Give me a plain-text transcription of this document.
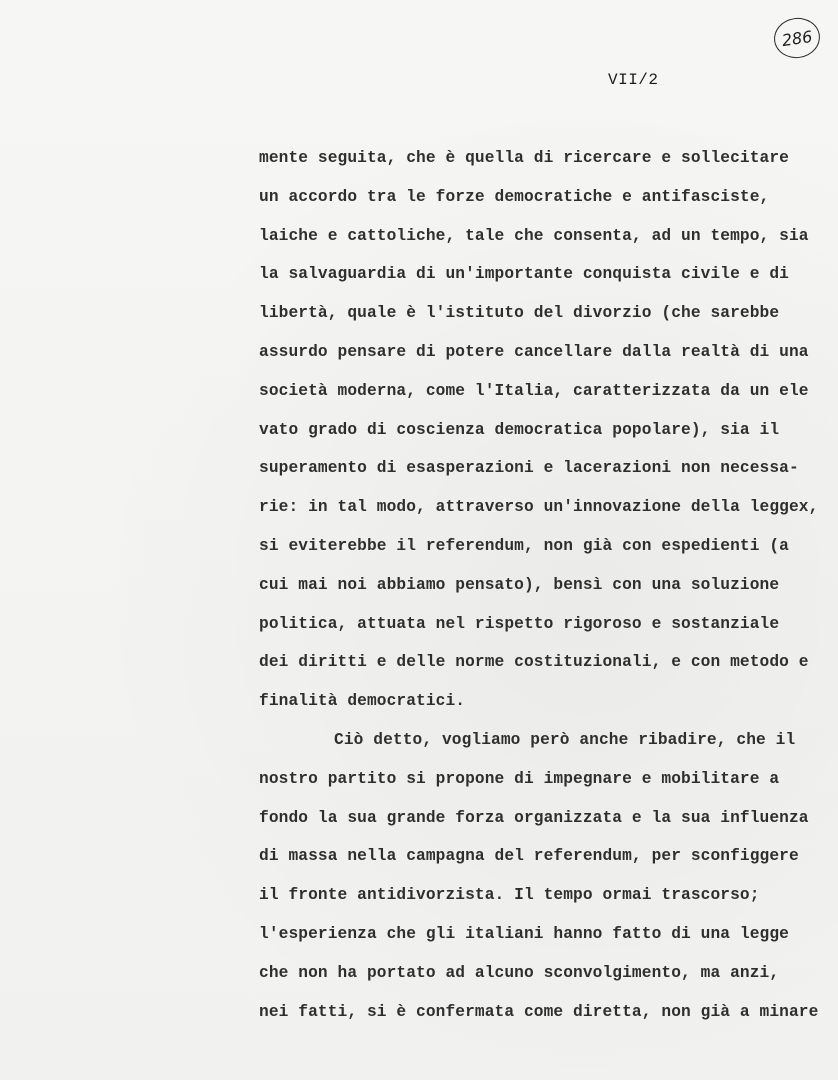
286
VII/2
mente seguita, che è quella di ricercare e sollecitare
un accordo tra le forze democratiche e antifasciste,
laiche e cattoliche, tale che consenta, ad un tempo, sia
la salvaguardia di un'importante conquista civile e di
libertà, quale è l'istituto del divorzio (che sarebbe
assurdo pensare di potere cancellare dalla realtà di una
società moderna, come l'Italia, caratterizzata da un ele
vato grado di coscienza democratica popolare), sia il
superamento di esasperazioni e lacerazioni non necessa-
rie: in tal modo, attraverso un'innovazione della leggex,
si eviterebbe il referendum, non già con espedienti (a
cui mai noi abbiamo pensato), bensì con una soluzione
politica, attuata nel rispetto rigoroso e sostanziale
dei diritti e delle norme costituzionali, e con metodo e
finalità democratici.
Ciò detto, vogliamo però anche ribadire, che il
nostro partito si propone di impegnare e mobilitare a
fondo la sua grande forza organizzata e la sua influenza
di massa nella campagna del referendum, per sconfiggere
il fronte antidivorzista. Il tempo ormai trascorso;
l'esperienza che gli italiani hanno fatto di una legge
che non ha portato ad alcuno sconvolgimento, ma anzi,
nei fatti, si è confermata come diretta, non già a minare
